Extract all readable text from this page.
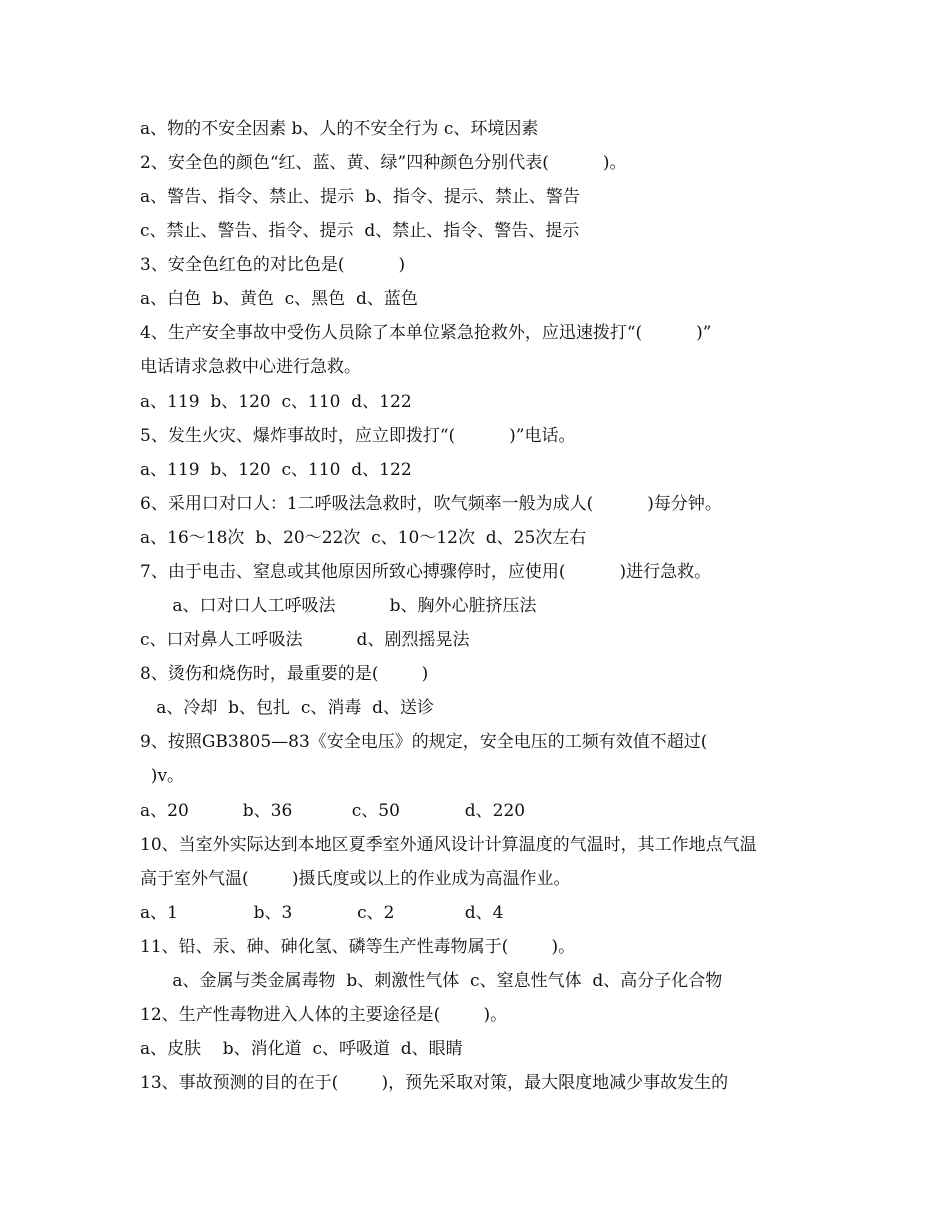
a、物的不安全因素 b、人的不安全行为 c、环境因素
2、安全色的颜色“红、蓝、黄、绿”四种颜色分别代表(          )。
a、警告、指令、禁止、提示  b、指令、提示、禁止、警告
c、禁止、警告、指令、提示  d、禁止、指令、警告、提示
3、安全色红色的对比色是(          )
a、白色  b、黄色  c、黑色  d、蓝色
4、生产安全事故中受伤人员除了本单位紧急抢救外，应迅速拨打“(          )”
电话请求急救中心进行急救。
a、119  b、120  c、110  d、122
5、发生火灾、爆炸事故时，应立即拨打“(          )”电话。
a、119  b、120  c、110  d、122
6、采用口对口人：1二呼吸法急救时，吹气频率一般为成人(          )每分钟。
a、16～18次  b、20～22次  c、10～12次  d、25次左右
7、由于电击、窒息或其他原因所致心搏骤停时，应使用(          )进行急救。
a、口对口人工呼吸法          b、胸外心脏挤压法
c、口对鼻人工呼吸法          d、剧烈摇晃法
8、烫伤和烧伤时，最重要的是(        )
a、冷却  b、包扎  c、消毒  d、送诊
9、按照GB3805—83《安全电压》的规定，安全电压的工频有效值不超过(
)v。
a、20          b、36           c、50            d、220
10、当室外实际达到本地区夏季室外通风设计计算温度的气温时，其工作地点气温
高于室外气温(        )摄氏度或以上的作业成为高温作业。
a、1              b、3            c、2             d、4
11、铅、汞、砷、砷化氢、磷等生产性毒物属于(        )。
a、金属与类金属毒物  b、刺激性气体  c、窒息性气体  d、高分子化合物
12、生产性毒物进入人体的主要途径是(        )。
a、皮肤    b、消化道  c、呼吸道  d、眼睛
13、事故预测的目的在于(        )，预先采取对策，最大限度地减少事故发生的
